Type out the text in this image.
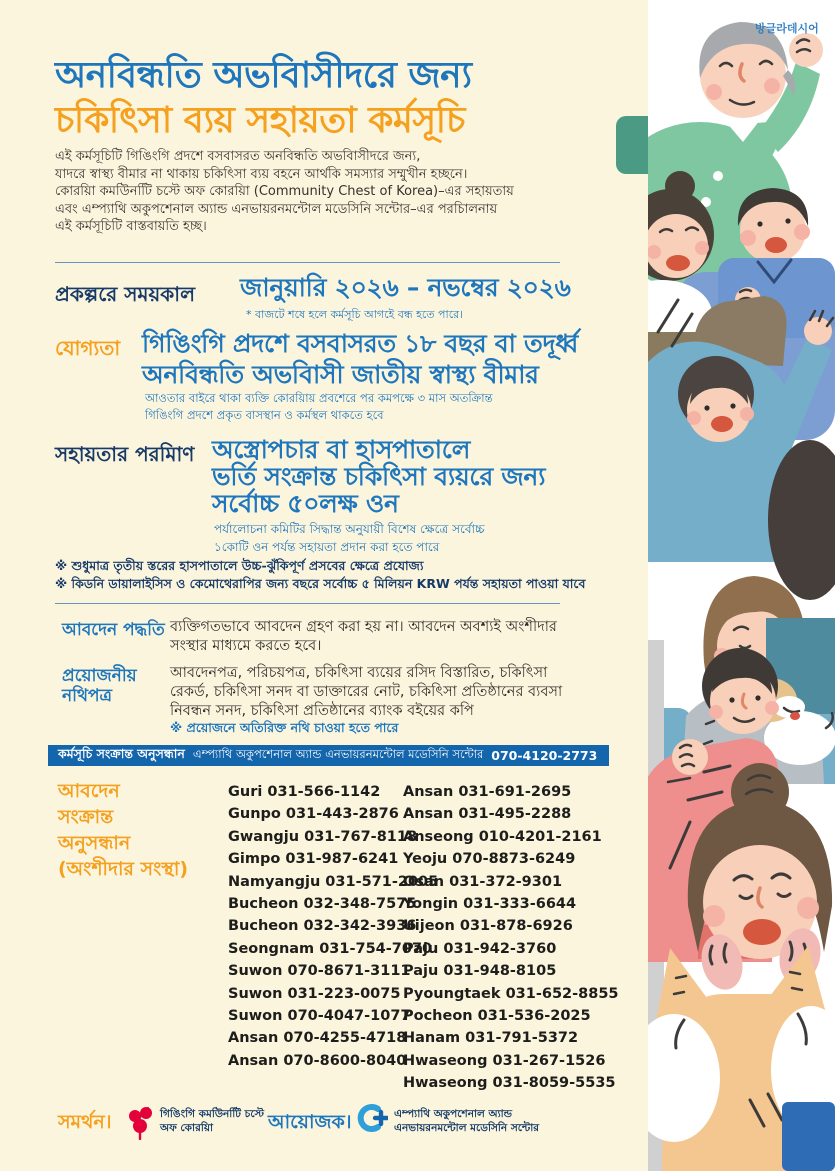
방글라데시어
অনবিন্ধতি অভবিাসীদরে জন্য
চকিৎিসা ব্যয় সহায়তা কর্মসূচি
এই কর্মসূচিটি গিঙিংগি প্রদশে বসবাসরত অনবিন্ধতি অভবিাসীদরে জন্য,
যাদরে স্বাস্থ্য বীমার না থাকায় চকিৎিসা ব্যয় বহনে আর্থকি সমস্যার সম্মুখীন হচ্ছনে।
কোরয়িা কমউিনটিি চস্টে অফ কোরয়িা (Community Chest of Korea)–এর সহায়তায়
এবং এম্প্যাথি অকুপশেনাল অ্যান্ড এনভায়রনমন্টোল মডেসিনি সন্টোর–এর পরচিালনায়
এই কর্মসূচিটি বাস্তবায়তি হচ্ছ।
প্রকল্পরে সময়কাল জানুয়ারি ২০২৬ – নভম্বের ২০২৬
* বাজটে শষে হলে কর্মসূচি আগইে বন্ধ হতে পারে।
যোগ্যতা গিঙিংগি প্রদশে বসবাসরত ১৮ বছর বা তদূর্ধ্ব
অনবিন্ধতি অভবিাসী জাতীয় স্বাস্থ্য বীমার
আওতার বাইরে থাকা ব্যক্তি কোরয়িায় প্রবশেরে পর কমপক্ষে ৩ মাস অতক্রিান্ত
গিঙিংগি প্রদশে প্রকৃত বাসস্থান ও কর্মস্থল থাকতে হবে
সহায়তার পরমিাণ অস্ত্রোপচার বা হাসপাতালে
ভর্তি সংক্রান্ত চকিৎিসা ব্যয়রে জন্য
সর্বোচ্চ ৫০লক্ষ ওন
পর্যালোচনা কমিটির সিদ্ধান্ত অনুযায়ী বিশেষ ক্ষেত্রে সর্বোচ্চ
১কোটি ওন পর্যন্ত সহায়তা প্রদান করা হতে পারে
※ শুধুমাত্র তৃতীয় স্তরের হাসপাতালে উচ্চ-ঝুঁকিপূর্ণ প্রসবের ক্ষেত্রে প্রযোজ্য
※ কিডনি ডায়ালাইসিস ও কেমোথেরাপির জন্য বছরে সর্বোচ্চ ৫ মিলিয়ন KRW পর্যন্ত সহায়তা পাওয়া যাবে
আবদেন পদ্ধতি ব্যক্তিগতভাবে আবদেন গ্রহণ করা হয় না। আবদেন অবশ্যই অংশীদার
সংস্থার মাধ্যমে করতে হবে।
প্রয়োজনীয়
নথিপত্র
আবদেনপত্র, পরিচয়পত্র, চকিৎিসা ব্যয়ের রসিদ বিস্তারিত, চকিৎিসা
রেকর্ড, চকিৎিসা সনদ বা ডাক্তারের নোট, চকিৎিসা প্রতিষ্ঠানের ব্যবসা
নিবন্ধন সনদ, চকিৎিসা প্রতিষ্ঠানের ব্যাংক বইয়ের কপি
※ প্রয়োজনে অতিরিক্ত নথি চাওয়া হতে পারে
কর্মসূচি সংক্রান্ত অনুসন্ধান এম্প্যাথি অকুপশেনাল অ্যান্ড এনভায়রনমন্টোল মডেসিনি সন্টোর 070-4120-2773
আবদেন
সংক্রান্ত
অনুসন্ধান
(অংশীদার সংস্থা)
Guri 031-566-1142
Gunpo 031-443-2876
Gwangju 031-767-8118
Gimpo 031-987-6241
Namyangju 031-571-2005
Bucheon 032-348-7575
Bucheon 032-342-3936
Seongnam 031-754-7070
Suwon 070-8671-3111
Suwon 031-223-0075
Suwon 070-4047-1077
Ansan 070-4255-4718
Ansan 070-8600-8040
Ansan 031-691-2695
Ansan 031-495-2288
Anseong 010-4201-2161
Yeoju 070-8873-6249
Osan 031-372-9301
Yongin 031-333-6644
Uijeon 031-878-6926
Paju 031-942-3760
Paju 031-948-8105
Pyoungtaek 031-652-8855
Pocheon 031-536-2025
Hanam 031-791-5372
Hwaseong 031-267-1526
Hwaseong 031-8059-5535
সমর্থন।	গিঙিংগি কমউিনটিি চস্টে
অফ কোরয়িা	আয়োজক।	এম্প্যাথি অকুপশেনাল অ্যান্ড
এনভায়রনমন্টোল মডেসিনি সন্টোর
